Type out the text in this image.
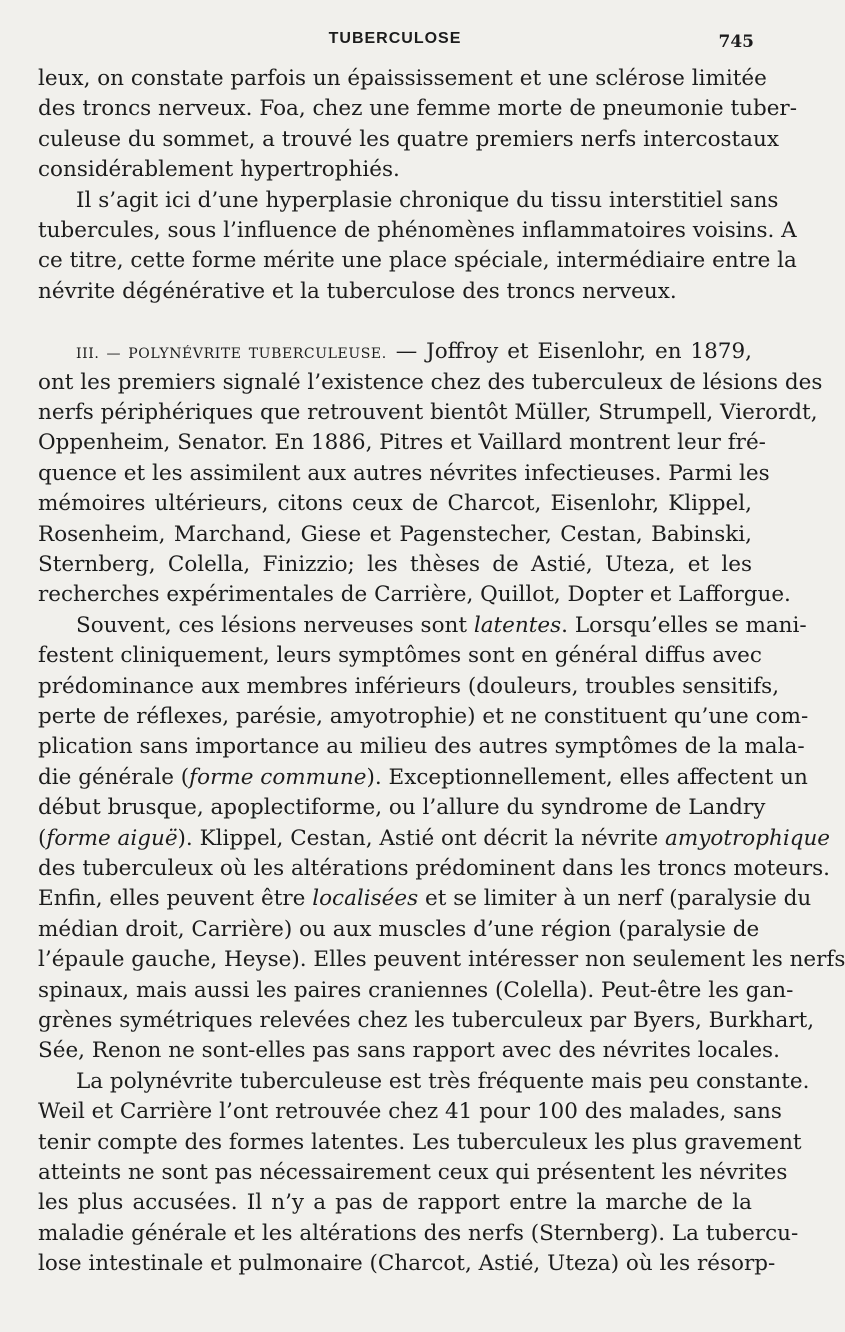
TUBERCULOSE	745
leux, on constate parfois un épaississement et une sclérose limitée
des troncs nerveux. Foa, chez une femme morte de pneumonie tuber-
culeuse du sommet, a trouvé les quatre premiers nerfs intercostaux
considérablement hypertrophiés.
Il s’agit ici d’une hyperplasie chronique du tissu interstitiel sans
tubercules, sous l’influence de phénomènes inflammatoires voisins. A
ce titre, cette forme mérite une place spéciale, intermédiaire entre la
névrite dégénérative et la tuberculose des troncs nerveux.
III. — POLYNÉVRITE TUBERCULEUSE. — Joffroy et Eisenlohr, en 1879,
ont les premiers signalé l’existence chez des tuberculeux de lésions des
nerfs périphériques que retrouvent bientôt Müller, Strumpell, Vierordt,
Oppenheim, Senator. En 1886, Pitres et Vaillard montrent leur fré-
quence et les assimilent aux autres névrites infectieuses. Parmi les
mémoires ultérieurs, citons ceux de Charcot, Eisenlohr, Klippel,
Rosenheim, Marchand, Giese et Pagenstecher, Cestan, Babinski,
Sternberg, Colella, Finizzio; les thèses de Astié, Uteza, et les
recherches expérimentales de Carrière, Quillot, Dopter et Lafforgue.
Souvent, ces lésions nerveuses sont latentes. Lorsqu’elles se mani-
festent cliniquement, leurs symptômes sont en général diffus avec
prédominance aux membres inférieurs (douleurs, troubles sensitifs,
perte de réflexes, parésie, amyotrophie) et ne constituent qu’une com-
plication sans importance au milieu des autres symptômes de la mala-
die générale (forme commune). Exceptionnellement, elles affectent un
début brusque, apoplectiforme, ou l’allure du syndrome de Landry
(forme aiguë). Klippel, Cestan, Astié ont décrit la névrite amyotrophique
des tuberculeux où les altérations prédominent dans les troncs moteurs.
Enfin, elles peuvent être localisées et se limiter à un nerf (paralysie du
médian droit, Carrière) ou aux muscles d’une région (paralysie de
l’épaule gauche, Heyse). Elles peuvent intéresser non seulement les nerfs
spinaux, mais aussi les paires craniennes (Colella). Peut-être les gan-
grènes symétriques relevées chez les tuberculeux par Byers, Burkhart,
Sée, Renon ne sont-elles pas sans rapport avec des névrites locales.
La polynévrite tuberculeuse est très fréquente mais peu constante.
Weil et Carrière l’ont retrouvée chez 41 pour 100 des malades, sans
tenir compte des formes latentes. Les tuberculeux les plus gravement
atteints ne sont pas nécessairement ceux qui présentent les névrites
les plus accusées. Il n’y a pas de rapport entre la marche de la
maladie générale et les altérations des nerfs (Sternberg). La tubercu-
lose intestinale et pulmonaire (Charcot, Astié, Uteza) où les résorp-
